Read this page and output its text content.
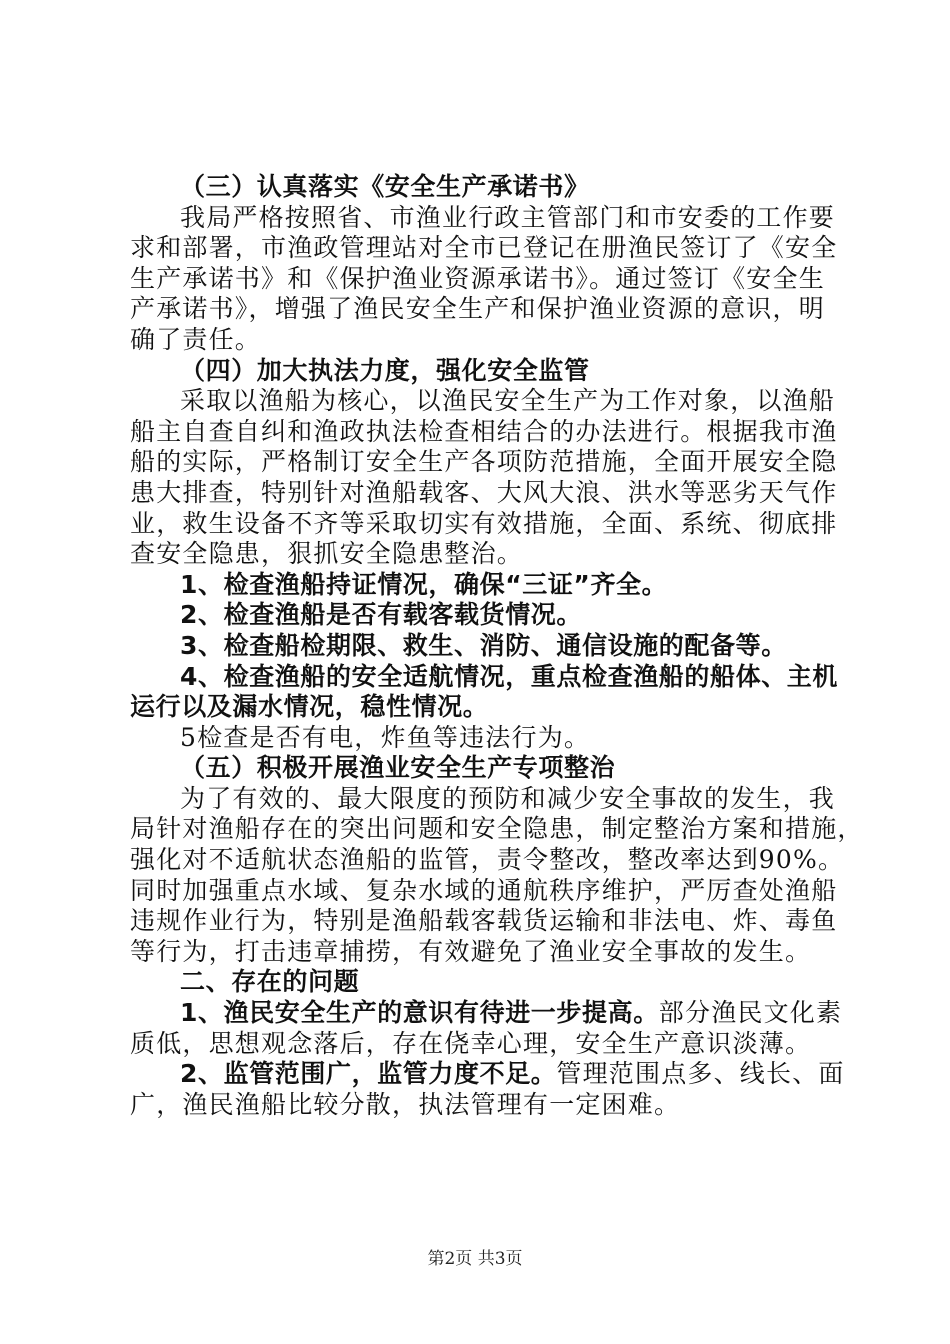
（三）认真落实《安全生产承诺书》
我局严格按照省、市渔业行政主管部门和市安委的工作要
求和部署，市渔政管理站对全市已登记在册渔民签订了《安全
生产承诺书》和《保护渔业资源承诺书》。通过签订《安全生
产承诺书》，增强了渔民安全生产和保护渔业资源的意识，明
确了责任。
（四）加大执法力度，强化安全监管
采取以渔船为核心，以渔民安全生产为工作对象，以渔船
船主自查自纠和渔政执法检查相结合的办法进行。根据我市渔
船的实际，严格制订安全生产各项防范措施，全面开展安全隐
患大排查，特别针对渔船载客、大风大浪、洪水等恶劣天气作
业，救生设备不齐等采取切实有效措施，全面、系统、彻底排
查安全隐患，狠抓安全隐患整治。
1、检查渔船持证情况，确保“三证”齐全。
2、检查渔船是否有载客载货情况。
3、检查船检期限、救生、消防、通信设施的配备等。
4、检查渔船的安全适航情况，重点检查渔船的船体、主机
运行以及漏水情况，稳性情况。
5检查是否有电，炸鱼等违法行为。
（五）积极开展渔业安全生产专项整治
为了有效的、最大限度的预防和减少安全事故的发生，我
局针对渔船存在的突出问题和安全隐患，制定整治方案和措施，
强化对不适航状态渔船的监管，责令整改，整改率达到90%。
同时加强重点水域、复杂水域的通航秩序维护，严厉查处渔船
违规作业行为，特别是渔船载客载货运输和非法电、炸、毒鱼
等行为，打击违章捕捞，有效避免了渔业安全事故的发生。
二、存在的问题
1、渔民安全生产的意识有待进一步提高。部分渔民文化素
质低，思想观念落后，存在侥幸心理，安全生产意识淡薄。
2、监管范围广，监管力度不足。管理范围点多、线长、面
广，渔民渔船比较分散，执法管理有一定困难。
第2页 共3页
